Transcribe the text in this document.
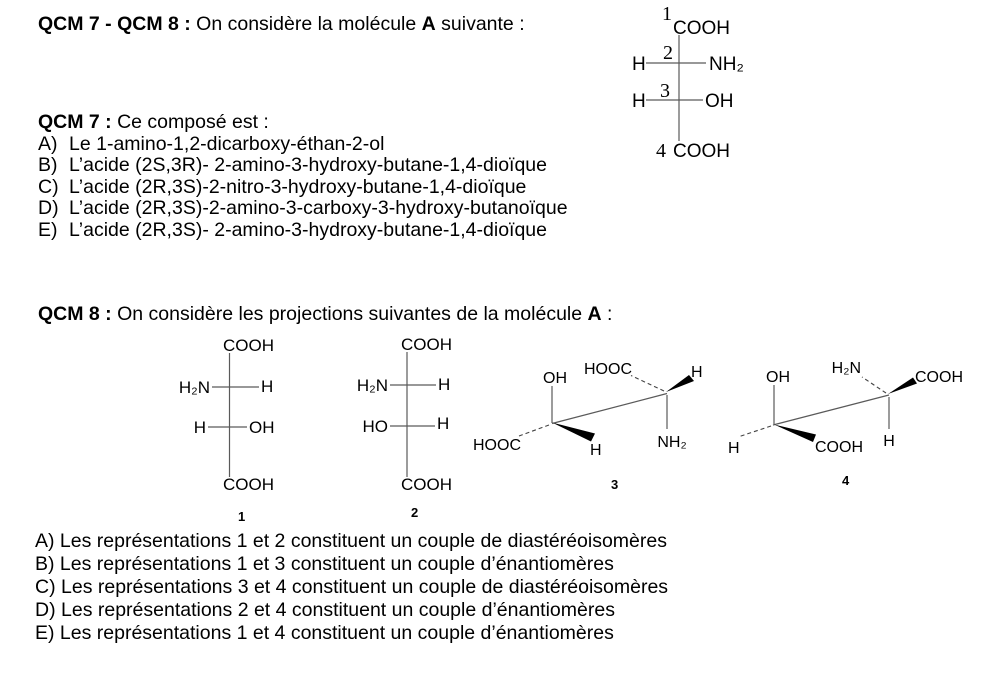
QCM 7 - QCM 8 : On considère la molécule A suivante :	1
COOH
H
2
NH₂
H 3 OH
4 COOH
QCM 7 : Ce composé est :
A) Le 1-amino-1,2-dicarboxy-éthan-2-ol
B) L’acide (2S,3R)- 2-amino-3-hydroxy-butane-1,4-dioïque
C) L’acide (2R,3S)-2-nitro-3-hydroxy-butane-1,4-dioïque
D) L’acide (2R,3S)-2-amino-3-carboxy-3-hydroxy-butanoïque
E) L’acide (2R,3S)- 2-amino-3-hydroxy-butane-1,4-dioïque
QCM 8 : On considère les projections suivantes de la molécule A :
COOH
H₂N	H
H	OH
COOH
1
COOH
H₂N	H
HO	H
COOH
2
OH
HOOC	H
HOOC	H	NH₂
3
OH
H₂N
COOH
H	COOH H
4
A) Les représentations 1 et 2 constituent un couple de diastéréoisomères
B) Les représentations 1 et 3 constituent un couple d’énantiomères
C) Les représentations 3 et 4 constituent un couple de diastéréoisomères
D) Les représentations 2 et 4 constituent un couple d’énantiomères
E) Les représentations 1 et 4 constituent un couple d’énantiomères
